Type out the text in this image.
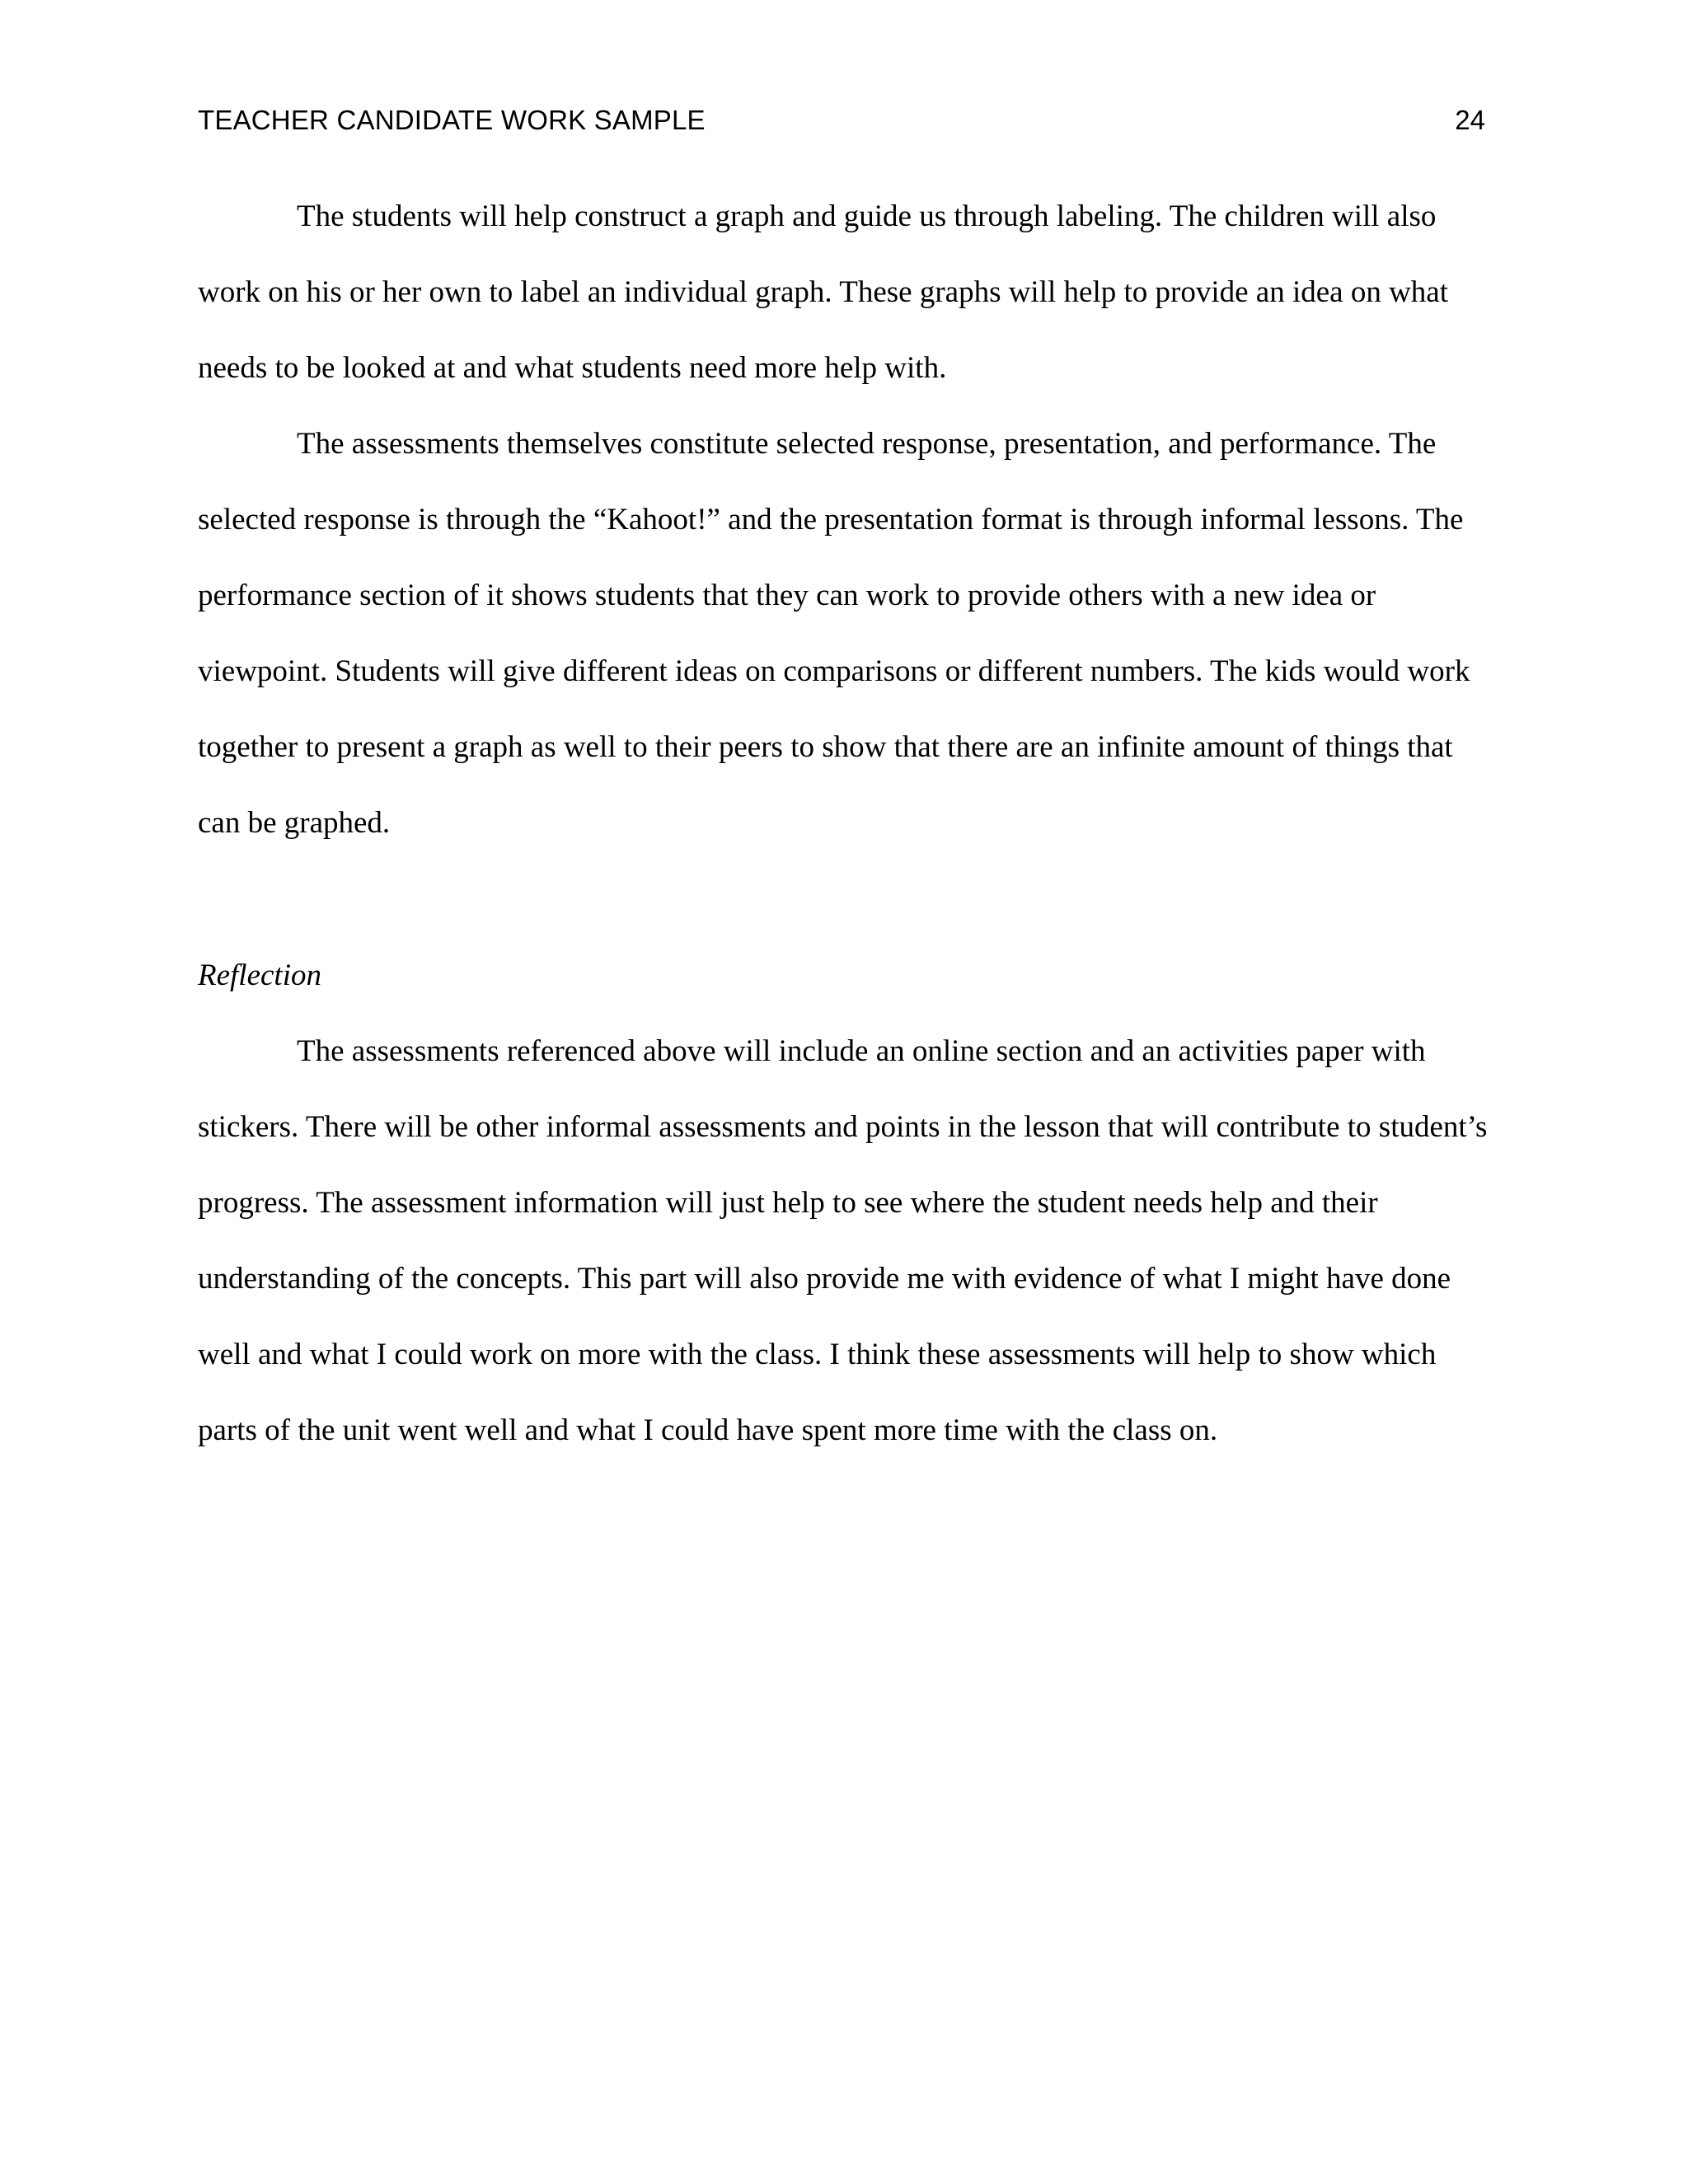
TEACHER CANDIDATE WORK SAMPLE	24

The students will help construct a graph and guide us through labeling. The children will also work on his or her own to label an individual graph. These graphs will help to provide an idea on what needs to be looked at and what students need more help with.

The assessments themselves constitute selected response, presentation, and performance. The selected response is through the “Kahoot!” and the presentation format is through informal lessons. The performance section of it shows students that they can work to provide others with a new idea or viewpoint. Students will give different ideas on comparisons or different numbers. The kids would work together to present a graph as well to their peers to show that there are an infinite amount of things that can be graphed.

Reflection

The assessments referenced above will include an online section and an activities paper with stickers. There will be other informal assessments and points in the lesson that will contribute to student’s progress. The assessment information will just help to see where the student needs help and their understanding of the concepts. This part will also provide me with evidence of what I might have done well and what I could work on more with the class. I think these assessments will help to show which parts of the unit went well and what I could have spent more time with the class on.
